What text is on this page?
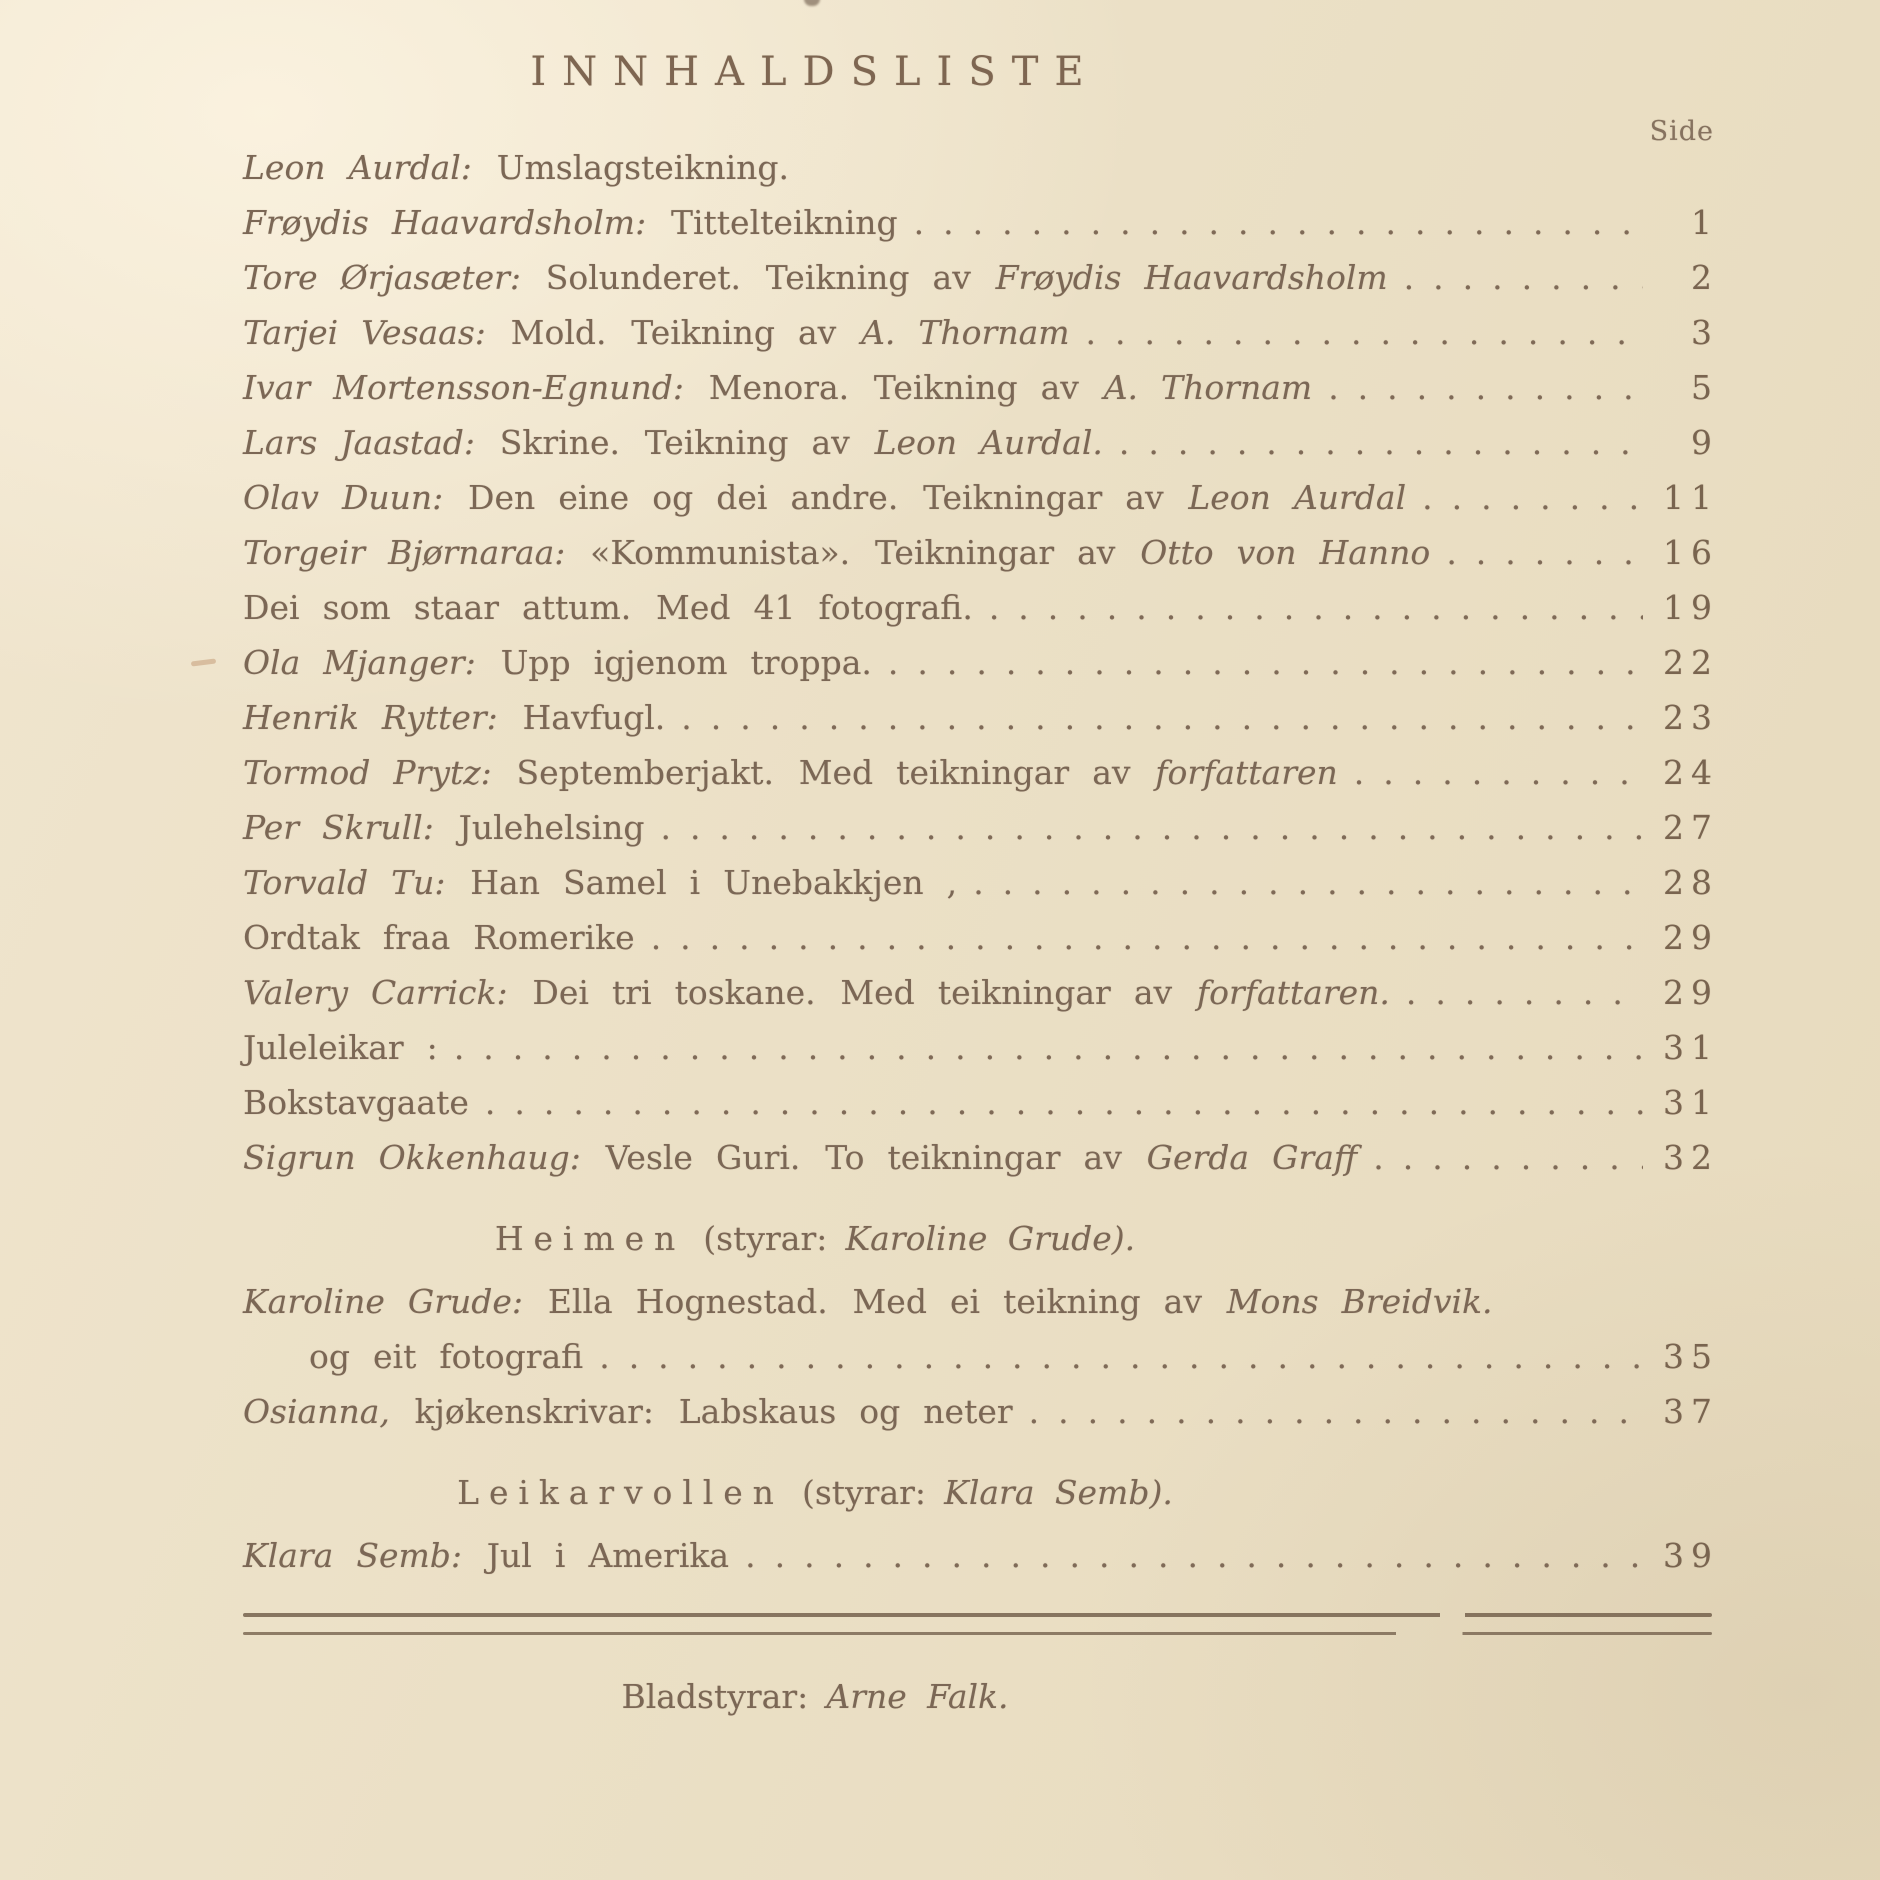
INNHALDSLISTE
Side
Leon Aurdal: Umslagsteikning.
Frøydis Haavardsholm: Tittelteikning .....	1
Tore Ørjasæter: Solunderet. Teikning av Frøydis Haavardsholm .....	2
Tarjei Vesaas: Mold. Teikning av A. Thornam .....	3
Ivar Mortensson-Egnund: Menora. Teikning av A. Thornam .....	5
Lars Jaastad: Skrine. Teikning av Leon Aurdal. .....	9
Olav Duun: Den eine og dei andre. Teikningar av Leon Aurdal .....	11
Torgeir Bjørnaraa: «Kommunista». Teikningar av Otto von Hanno .....	16
Dei som staar attum. Med 41 fotografi. .....	19
Ola Mjanger: Upp igjenom troppa. .....	22
Henrik Rytter: Havfugl. .....	23
Tormod Prytz: Septemberjakt. Med teikningar av forfattaren .....	24
Per Skrull: Julehelsing .....	27
Torvald Tu: Han Samel i Unebakkjen , .....	28
Ordtak fraa Romerike .....	29
Valery Carrick: Dei tri toskane. Med teikningar av forfattaren. .....	29
Juleleikar : .....	31
Bokstavgaate .....	31
Sigrun Okkenhaug: Vesle Guri. To teikningar av Gerda Graff .....	32
Heimen (styrar: Karoline Grude).
Karoline Grude: Ella Hognestad. Med ei teikning av Mons Breidvik.
og eit fotografi .....	35
Osianna, kjøkenskrivar: Labskaus og neter .....	37
Leikarvollen (styrar: Klara Semb).
Klara Semb: Jul i Amerika .....	39
Bladstyrar: Arne Falk.
